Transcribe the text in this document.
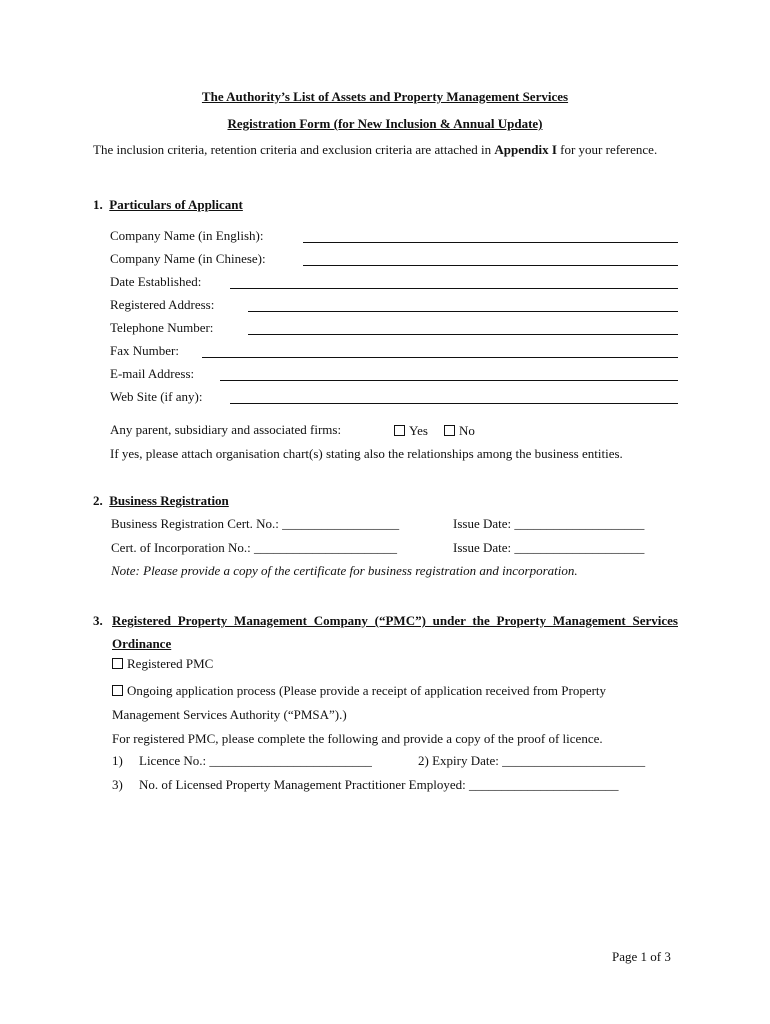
The Authority’s List of Assets and Property Management Services
Registration Form (for New Inclusion & Annual Update)
The inclusion criteria, retention criteria and exclusion criteria are attached in Appendix I for your reference.
1. Particulars of Applicant
Company Name (in English):
Company Name (in Chinese):
Date Established:
Registered Address:
Telephone Number:
Fax Number:
E-mail Address:
Web Site (if any):
Any parent, subsidiary and associated firms:	Yes	No
If yes, please attach organisation chart(s) stating also the relationships among the business entities.
2. Business Registration
Business Registration Cert. No.: __________________	Issue Date: ____________________
Cert. of Incorporation No.: ______________________	Issue Date: ____________________
Note: Please provide a copy of the certificate for business registration and incorporation.
3. Registered Property Management Company (“PMC”) under the Property Management Services Ordinance
Registered PMC
Ongoing application process (Please provide a receipt of application received from Property
Management Services Authority (“PMSA”).)
For registered PMC, please complete the following and provide a copy of the proof of licence.
1) Licence No.: _________________________	2) Expiry Date: ______________________
3) No. of Licensed Property Management Practitioner Employed: _______________________
Page 1 of 3
